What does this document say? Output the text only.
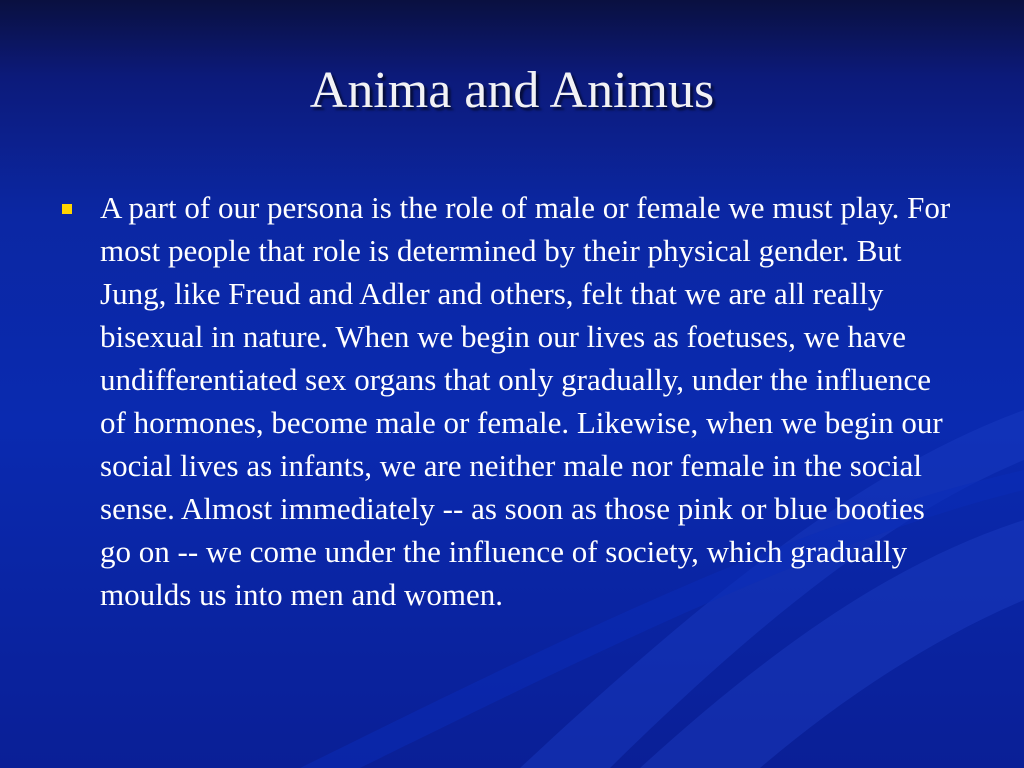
Anima and Animus
A part of our persona is the role of male or female we must play. For most people that role is determined by their physical gender. But Jung, like Freud and Adler and others, felt that we are all really bisexual in nature. When we begin our lives as foetuses, we have undifferentiated sex organs that only gradually, under the influence of hormones, become male or female. Likewise, when we begin our social lives as infants, we are neither male nor female in the social sense. Almost immediately -- as soon as those pink or blue booties go on -- we come under the influence of society, which gradually moulds us into men and women.
